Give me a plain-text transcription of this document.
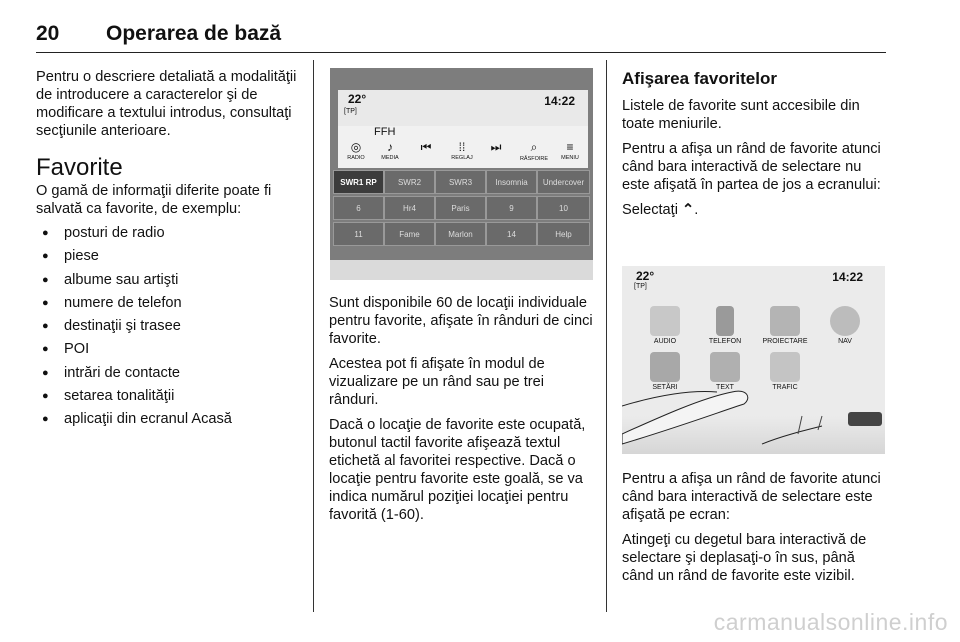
20 Operarea de bază

Pentru o descriere detaliată a modalităţii de introducere a caracterelor şi de modificare a textului introdus, consultaţi secţiunile anterioare.

Favorite

O gamă de informaţii diferite poate fi salvată ca favorite, de exemplu:

● posturi de radio
● piese
● albume sau artişti
● numere de telefon
● destinaţii şi trasee
● POI
● intrări de contacte
● setarea tonalităţii
● aplicaţii din ecranul Acasă
22°
[TP]
14:22
FFH
◎
RADIO
♪
MEDIA
⏮	⁞⁞
REGLAJ
⏭	⌕
RĂSFOIRE
≡
MENIU
SWR1 RP	SWR2	SWR3	Insomnia	Undercover
6	Hr4	Paris	9	10
11	Fame	Marlon	14	Help

Sunt disponibile 60 de locaţii individuale pentru favorite, afişate în rânduri de cinci favorite.

Acestea pot fi afişate în modul de vizualizare pe un rând sau pe trei rânduri.

Dacă o locaţie de favorite este ocupată, butonul tactil favorite afişează textul etichetă al favoritei respective. Dacă o locaţie pentru favorite este goală, se va indica numărul poziţiei locaţiei pentru favorită (1-60).

Afişarea favoritelor

Listele de favorite sunt accesibile din toate meniurile.

Pentru a afişa un rând de favorite atunci când bara interactivă de selectare nu este afişată în partea de jos a ecranului:

Selectaţi ⌃.

22°
[TP]
14:22
AUDIO	TELEFON	PROIECTARE	NAV
SETĂRI	TEXT	TRAFIC

Pentru a afişa un rând de favorite atunci când bara interactivă de selectare este afişată pe ecran:

Atingeţi cu degetul bara interactivă de selectare şi deplasaţi-o în sus, până când un rând de favorite este vizibil.

carmanualsonline.info
